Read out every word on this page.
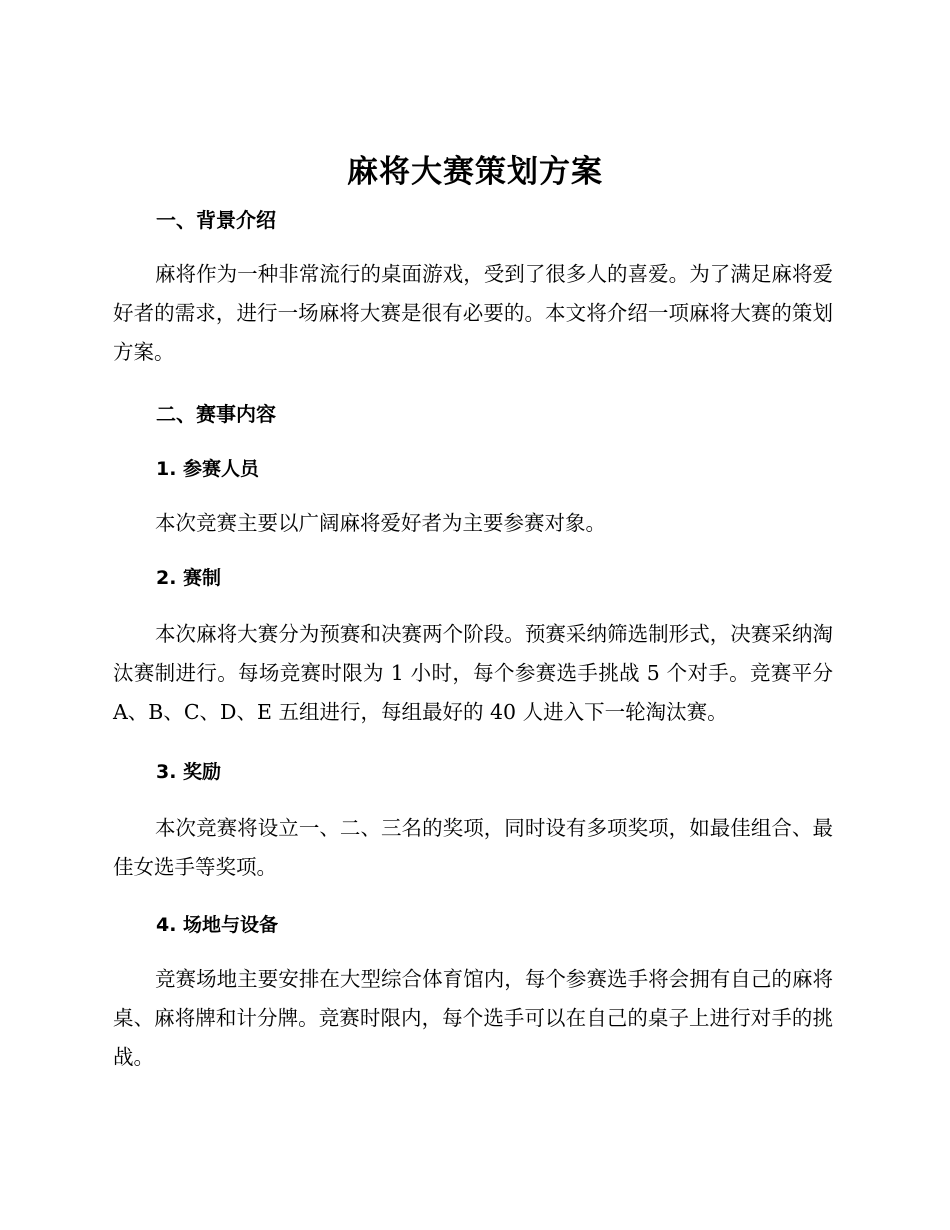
麻将大赛策划方案
一、背景介绍
麻将作为一种非常流行的桌面游戏，受到了很多人的喜爱。为了满足麻将爱好者的需求，进行一场麻将大赛是很有必要的。本文将介绍一项麻将大赛的策划方案。
二、赛事内容
1. 参赛人员
本次竞赛主要以广阔麻将爱好者为主要参赛对象。
2. 赛制
本次麻将大赛分为预赛和决赛两个阶段。预赛采纳筛选制形式，决赛采纳淘汰赛制进行。每场竞赛时限为 1 小时，每个参赛选手挑战 5 个对手。竞赛平分 A、B、C、D、E 五组进行，每组最好的 40 人进入下一轮淘汰赛。
3. 奖励
本次竞赛将设立一、二、三名的奖项，同时设有多项奖项，如最佳组合、最佳女选手等奖项。
4. 场地与设备
竞赛场地主要安排在大型综合体育馆内，每个参赛选手将会拥有自己的麻将桌、麻将牌和计分牌。竞赛时限内，每个选手可以在自己的桌子上进行对手的挑战。
